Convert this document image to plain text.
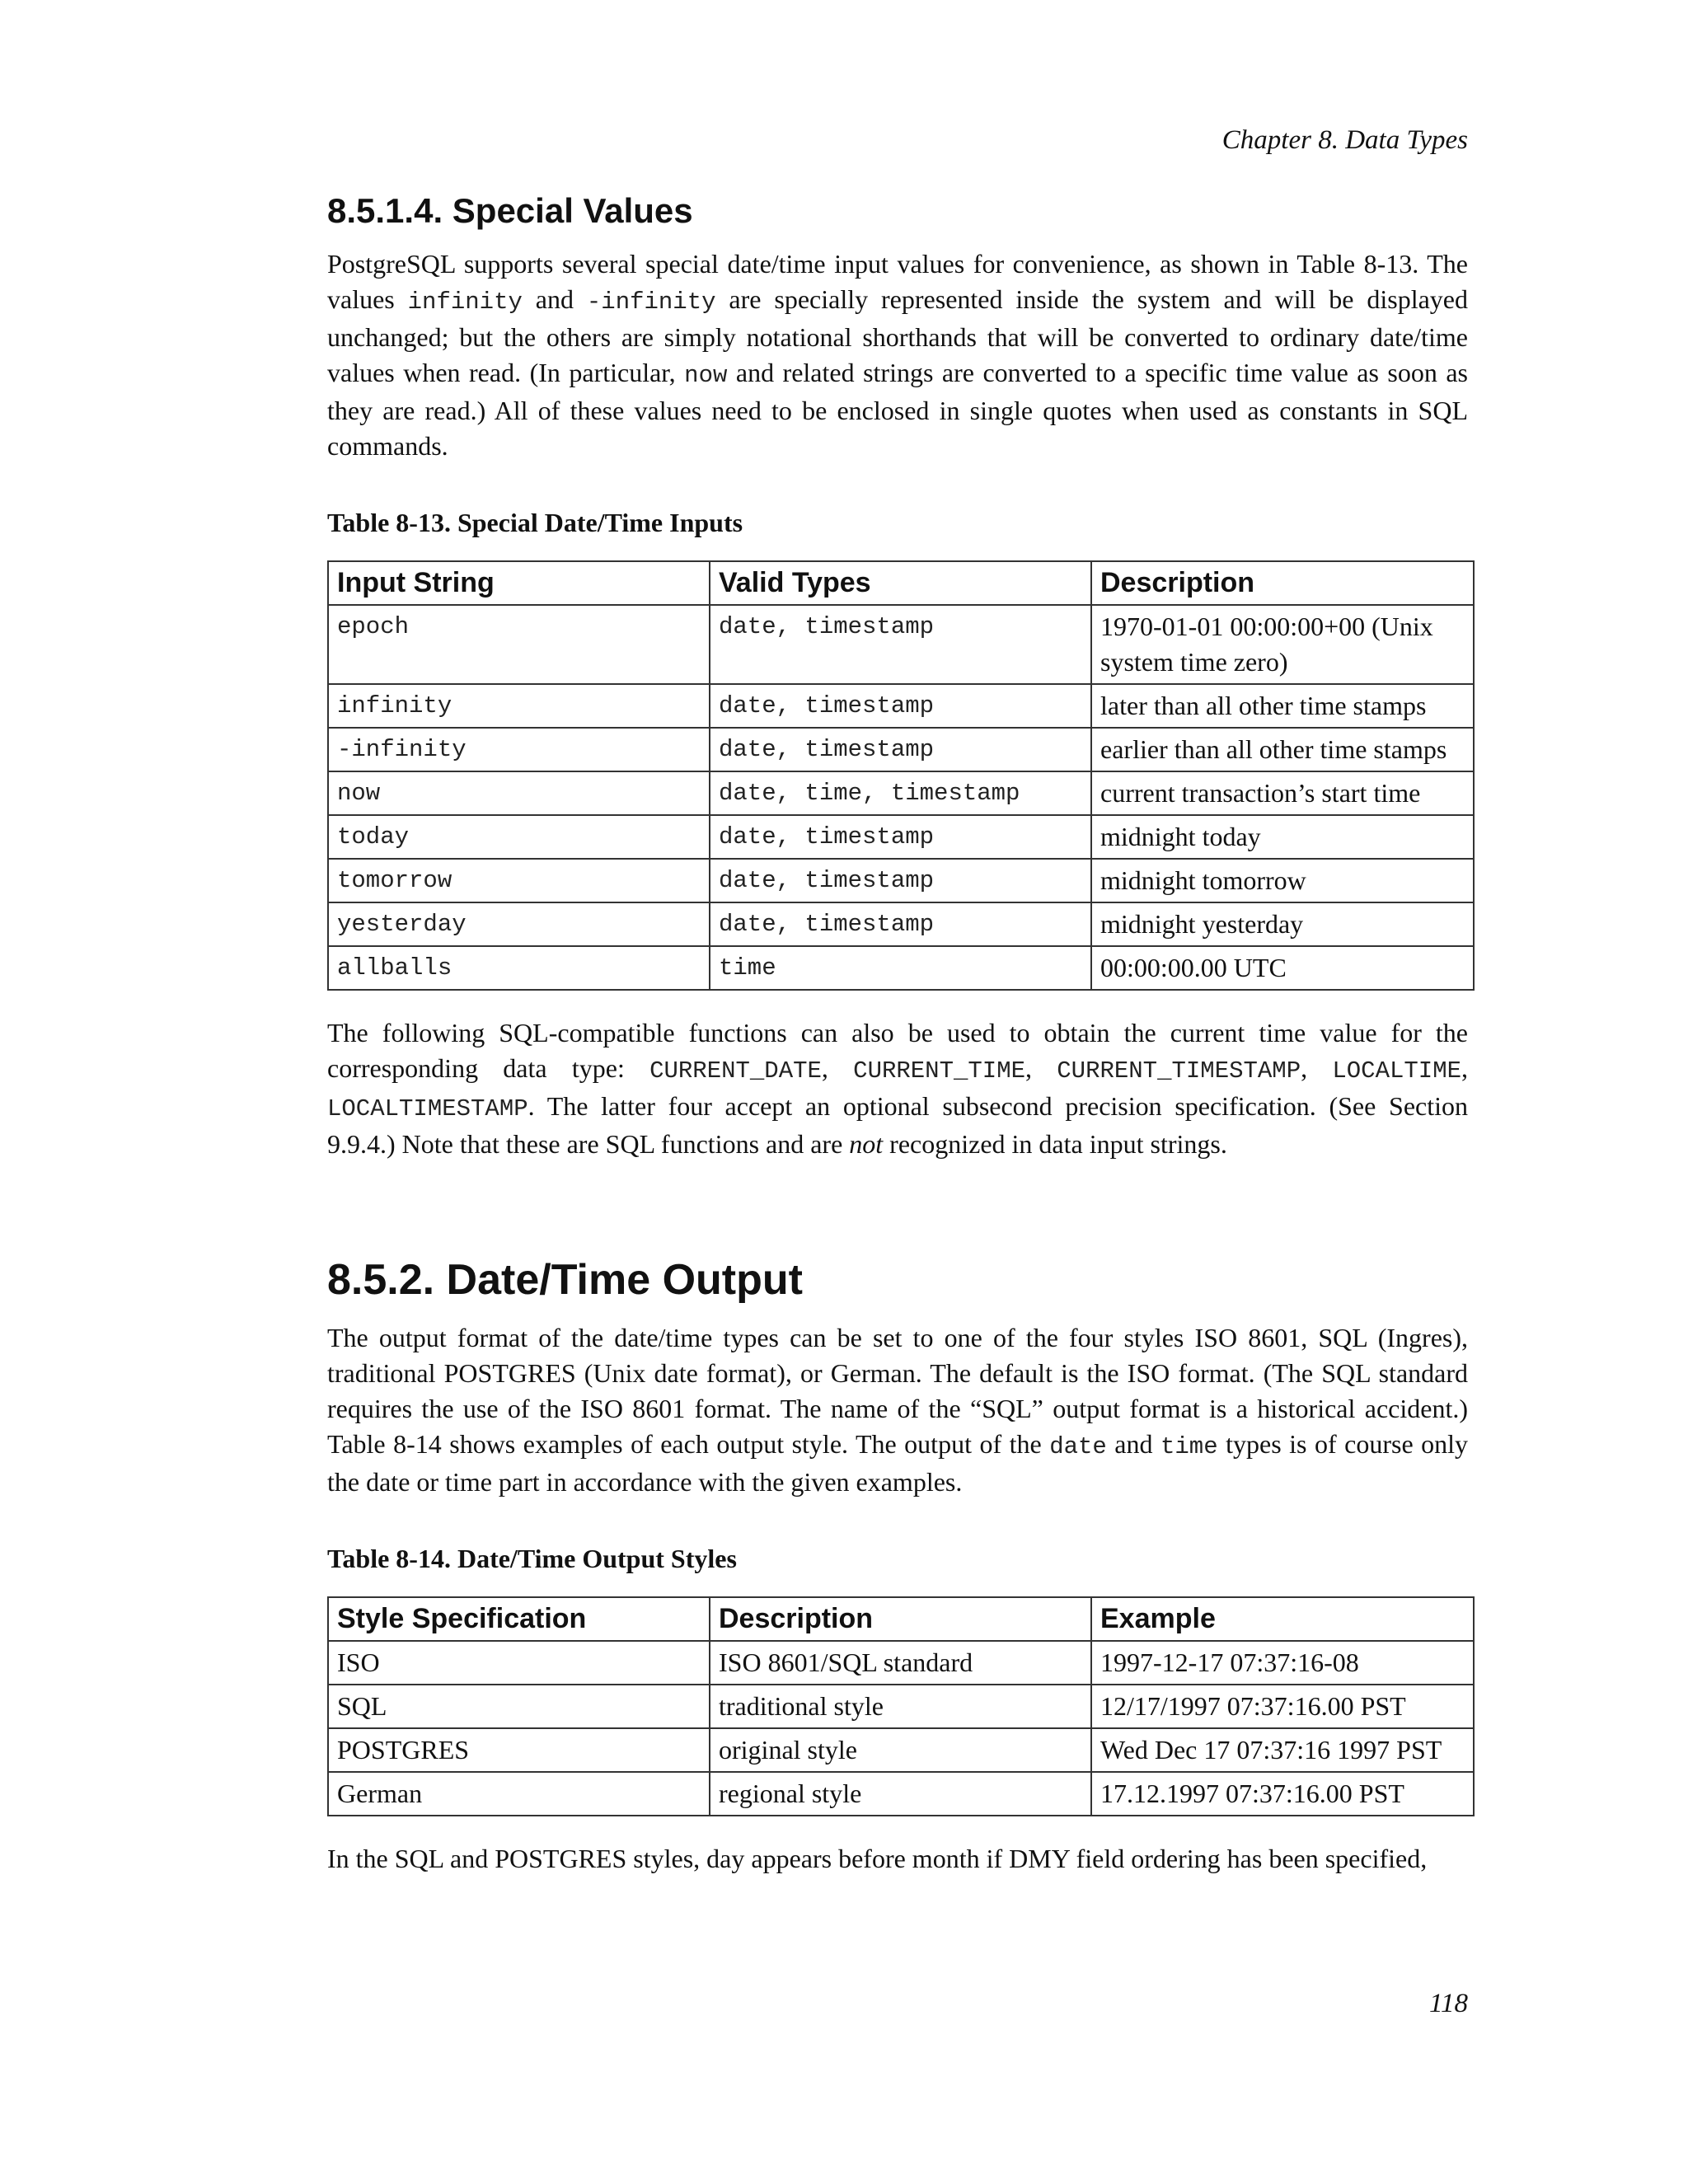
Chapter 8. Data Types
8.5.1.4. Special Values

PostgreSQL supports several special date/time input values for convenience, as shown in Table 8-13. The values infinity and -infinity are specially represented inside the system and will be displayed unchanged; but the others are simply notational shorthands that will be converted to ordinary date/time values when read. (In particular, now and related strings are converted to a specific time value as soon as they are read.) All of these values need to be enclosed in single quotes when used as constants in SQL commands.

Table 8-13. Special Date/Time Inputs
Input String	Valid Types	Description
epoch	date, timestamp	1970-01-01 00:00:00+00 (Unix system time zero)
infinity	date, timestamp	later than all other time stamps
-infinity	date, timestamp	earlier than all other time stamps
now	date, time, timestamp	current transaction’s start time
today	date, timestamp	midnight today
tomorrow	date, timestamp	midnight tomorrow
yesterday	date, timestamp	midnight yesterday
allballs	time	00:00:00.00 UTC

The following SQL-compatible functions can also be used to obtain the current time value for the corresponding data type: CURRENT_DATE, CURRENT_TIME, CURRENT_TIMESTAMP, LOCALTIME, LOCALTIMESTAMP. The latter four accept an optional subsecond precision specification. (See Section 9.9.4.) Note that these are SQL functions and are not recognized in data input strings.

8.5.2. Date/Time Output

The output format of the date/time types can be set to one of the four styles ISO 8601, SQL (Ingres), traditional POSTGRES (Unix date format), or German. The default is the ISO format. (The SQL standard requires the use of the ISO 8601 format. The name of the “SQL” output format is a historical accident.) Table 8-14 shows examples of each output style. The output of the date and time types is of course only the date or time part in accordance with the given examples.

Table 8-14. Date/Time Output Styles
Style Specification	Description	Example
ISO	ISO 8601/SQL standard	1997-12-17 07:37:16-08
SQL	traditional style	12/17/1997 07:37:16.00 PST
POSTGRES	original style	Wed Dec 17 07:37:16 1997 PST
German	regional style	17.12.1997 07:37:16.00 PST

In the SQL and POSTGRES styles, day appears before month if DMY field ordering has been specified,

118
